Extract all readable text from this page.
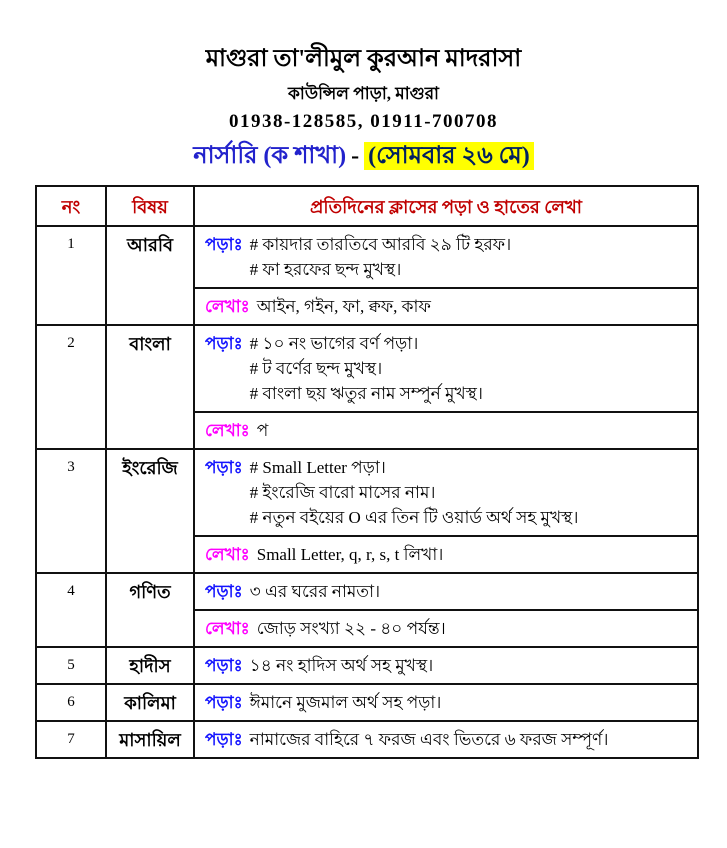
মাগুরা তা'লীমুল কুরআন মাদরাসা
কাউন্সিল পাড়া, মাগুরা
01938-128585, 01911-700708
নার্সারি (ক শাখা) - (সোমবার ২৬ মে)
নং	বিষয়	প্রতিদিনের ক্লাসের পড়া ও হাতের লেখা
1	আরবি	পড়াঃ # কায়দার তারতিবে আরবি ২৯ টি হরফ।
# ফা হরফের ছন্দ মুখস্থ।
লেখাঃ আইন, গইন, ফা, ক্বফ, কাফ
2	বাংলা	পড়াঃ # ১০ নং ভাগের বর্ণ পড়া।
# ট বর্ণের ছন্দ মুখস্থ।
# বাংলা ছয় ঋতুর নাম সম্পুর্ন মুখস্থ।
লেখাঃ প
3	ইংরেজি	পড়াঃ # Small Letter পড়া।
# ইংরেজি বারো মাসের নাম।
# নতুন বইয়ের O এর তিন টি ওয়ার্ড অর্থ সহ মুখস্থ।
লেখাঃ Small Letter, q, r, s, t লিখা।
4	গণিত	পড়াঃ ৩ এর ঘরের নামতা।
লেখাঃ জোড় সংখ্যা ২২ - ৪০ পর্যন্ত।
5	হাদীস	পড়াঃ ১৪ নং হাদিস অর্থ সহ মুখস্থ।
6	কালিমা	পড়াঃ ঈমানে মুজমাল অর্থ সহ পড়া।
7	মাসায়িল	পড়াঃ নামাজের বাহিরে ৭ ফরজ এবং ভিতরে ৬ ফরজ সম্পূর্ণ।
